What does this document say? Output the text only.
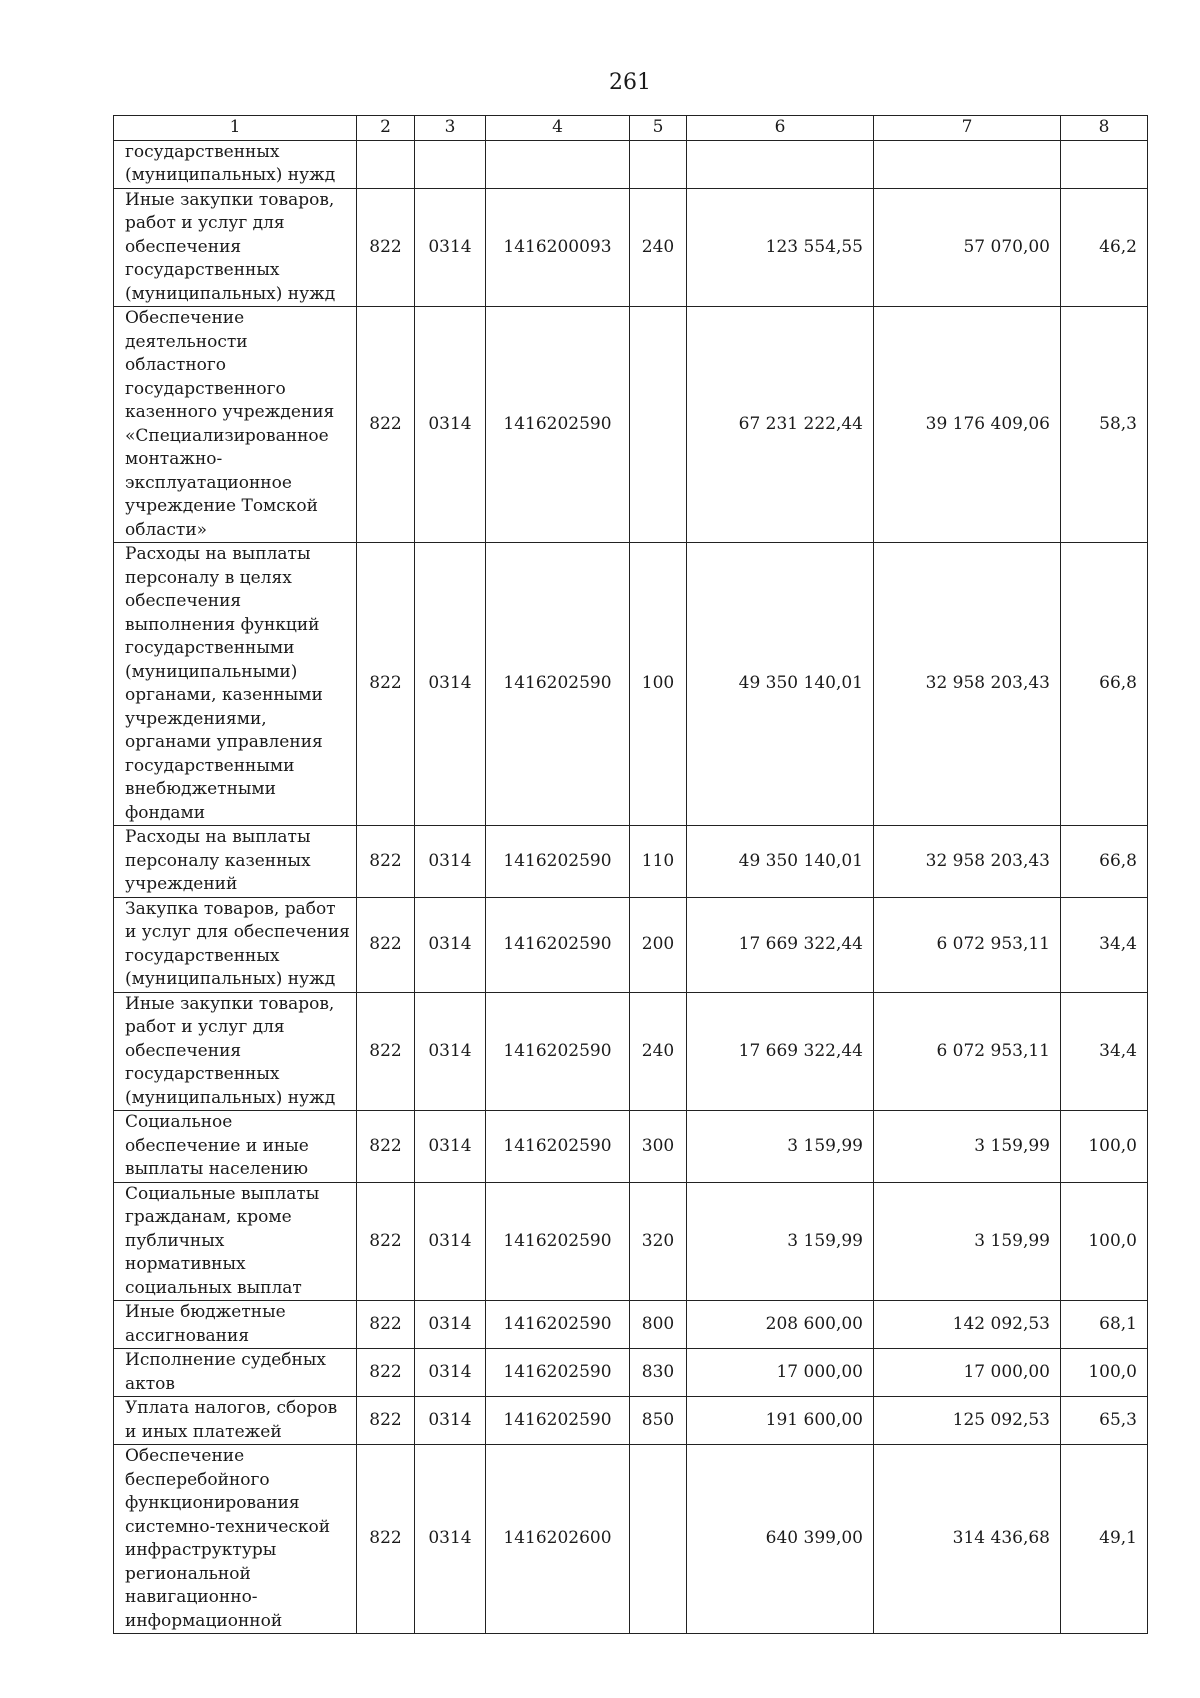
261
1	2	3	4	5	6	7	8
государственных (муниципальных) нужд							
Иные закупки товаров, работ и услуг для обеспечения государственных (муниципальных) нужд	822	0314	1416200093	240	123 554,55	57 070,00	46,2
Обеспечение деятельности областного государственного казенного учреждения «Специализированное монтажно-эксплуатационное учреждение Томской области»	822	0314	1416202590		67 231 222,44	39 176 409,06	58,3
Расходы на выплаты персоналу в целях обеспечения выполнения функций государственными (муниципальными) органами, казенными учреждениями, органами управления государственными внебюджетными фондами	822	0314	1416202590	100	49 350 140,01	32 958 203,43	66,8
Расходы на выплаты персоналу казенных учреждений	822	0314	1416202590	110	49 350 140,01	32 958 203,43	66,8
Закупка товаров, работ и услуг для обеспечения государственных (муниципальных) нужд	822	0314	1416202590	200	17 669 322,44	6 072 953,11	34,4
Иные закупки товаров, работ и услуг для обеспечения государственных (муниципальных) нужд	822	0314	1416202590	240	17 669 322,44	6 072 953,11	34,4
Социальное обеспечение и иные выплаты населению	822	0314	1416202590	300	3 159,99	3 159,99	100,0
Социальные выплаты гражданам, кроме публичных нормативных социальных выплат	822	0314	1416202590	320	3 159,99	3 159,99	100,0
Иные бюджетные ассигнования	822	0314	1416202590	800	208 600,00	142 092,53	68,1
Исполнение судебных актов	822	0314	1416202590	830	17 000,00	17 000,00	100,0
Уплата налогов, сборов и иных платежей	822	0314	1416202590	850	191 600,00	125 092,53	65,3
Обеспечение бесперебойного функционирования системно-технической инфраструктуры региональной навигационно-информационной	822	0314	1416202600		640 399,00	314 436,68	49,1
